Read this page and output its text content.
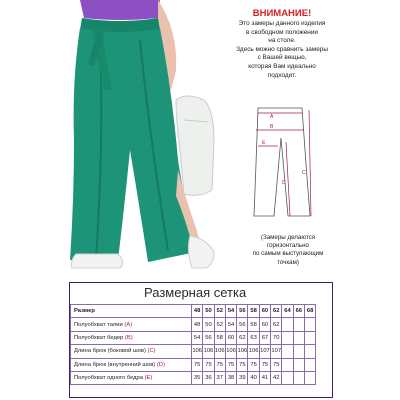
ВНИМАНИЕ!
Это замеры данного изделия
в свободном положении
на столе.
Здесь можно сравнить замеры
с Вашей вещью,
которая Вам идеально
подходит.
A
B
C
D
E
(Замеры делаются
горизонтально
по самым выступающим
точкам)
Размерная сетка
Размер	48	50	52	54	56	58	60	62	64	66	68
Полуобхват талии (A)	48	50	52	54	56	58	60	62			
Полуобхват бедер (B)	54	56	58	60	62	63	67	70			
Длина брюк (боковой шов) (C)	106	106	106	106	106	106	107	107			
Длина брюк (внутренний шов) (D)	75	75	75	75	75	75	75	75			
Полуобхват одного бедра (E)	35	36	37	38	39	40	41	42			
